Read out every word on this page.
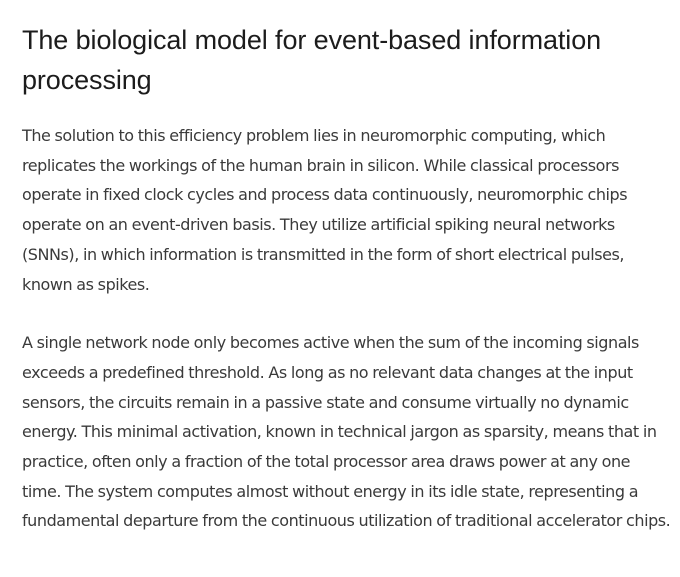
The biological model for event-based information processing

The solution to this efficiency problem lies in neuromorphic computing, which replicates the workings of the human brain in silicon. While classical processors operate in fixed clock cycles and process data continuously, neuromorphic chips operate on an event-driven basis. They utilize artificial spiking neural networks (SNNs), in which information is transmitted in the form of short electrical pulses, known as spikes.

A single network node only becomes active when the sum of the incoming signals exceeds a predefined threshold. As long as no relevant data changes at the input sensors, the circuits remain in a passive state and consume virtually no dynamic energy. This minimal activation, known in technical jargon as sparsity, means that in practice, often only a fraction of the total processor area draws power at any one time. The system computes almost without energy in its idle state, representing a fundamental departure from the continuous utilization of traditional accelerator chips.
